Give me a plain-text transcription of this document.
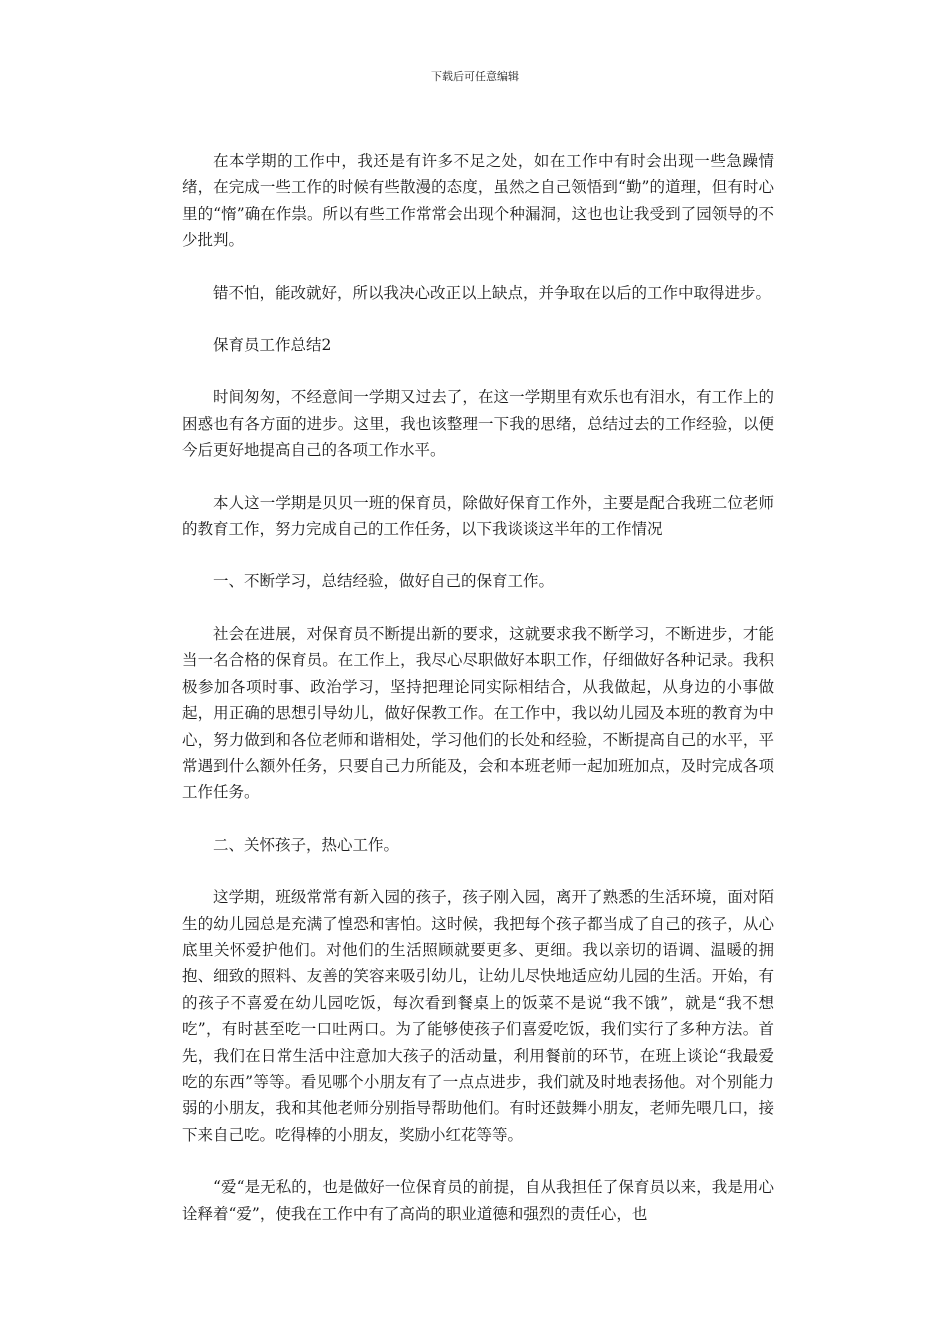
下载后可任意编辑

在本学期的工作中，我还是有许多不足之处，如在工作中有时会出现一些急躁情绪，在完成一些工作的时候有些散漫的态度，虽然之自己领悟到“勤”的道理，但有时心里的“惰”确在作祟。所以有些工作常常会出现个种漏洞，这也也让我受到了园领导的不少批判。

错不怕，能改就好，所以我决心改正以上缺点，并争取在以后的工作中取得进步。

保育员工作总结2

时间匆匆，不经意间一学期又过去了，在这一学期里有欢乐也有泪水，有工作上的困惑也有各方面的进步。这里，我也该整理一下我的思绪，总结过去的工作经验，以便今后更好地提高自己的各项工作水平。

本人这一学期是贝贝一班的保育员，除做好保育工作外，主要是配合我班二位老师的教育工作，努力完成自己的工作任务，以下我谈谈这半年的工作情况

一、不断学习，总结经验，做好自己的保育工作。

社会在进展，对保育员不断提出新的要求，这就要求我不断学习，不断进步，才能当一名合格的保育员。在工作上，我尽心尽职做好本职工作，仔细做好各种记录。我积极参加各项时事、政治学习，坚持把理论同实际相结合，从我做起，从身边的小事做起，用正确的思想引导幼儿，做好保教工作。在工作中，我以幼儿园及本班的教育为中心，努力做到和各位老师和谐相处，学习他们的长处和经验，不断提高自己的水平，平常遇到什么额外任务，只要自己力所能及，会和本班老师一起加班加点，及时完成各项工作任务。

二、关怀孩子，热心工作。

这学期，班级常常有新入园的孩子，孩子刚入园，离开了熟悉的生活环境，面对陌生的幼儿园总是充满了惶恐和害怕。这时候，我把每个孩子都当成了自己的孩子，从心底里关怀爱护他们。对他们的生活照顾就要更多、更细。我以亲切的语调、温暖的拥抱、细致的照料、友善的笑容来吸引幼儿，让幼儿尽快地适应幼儿园的生活。开始，有的孩子不喜爱在幼儿园吃饭，每次看到餐桌上的饭菜不是说“我不饿”，就是“我不想吃”，有时甚至吃一口吐两口。为了能够使孩子们喜爱吃饭，我们实行了多种方法。首先，我们在日常生活中注意加大孩子的活动量，利用餐前的环节，在班上谈论“我最爱吃的东西”等等。看见哪个小朋友有了一点点进步，我们就及时地表扬他。对个别能力弱的小朋友，我和其他老师分别指导帮助他们。有时还鼓舞小朋友，老师先喂几口，接下来自己吃。吃得棒的小朋友，奖励小红花等等。

“爱“是无私的，也是做好一位保育员的前提，自从我担任了保育员以来，我是用心诠释着“爱”，使我在工作中有了高尚的职业道德和强烈的责任心，也
